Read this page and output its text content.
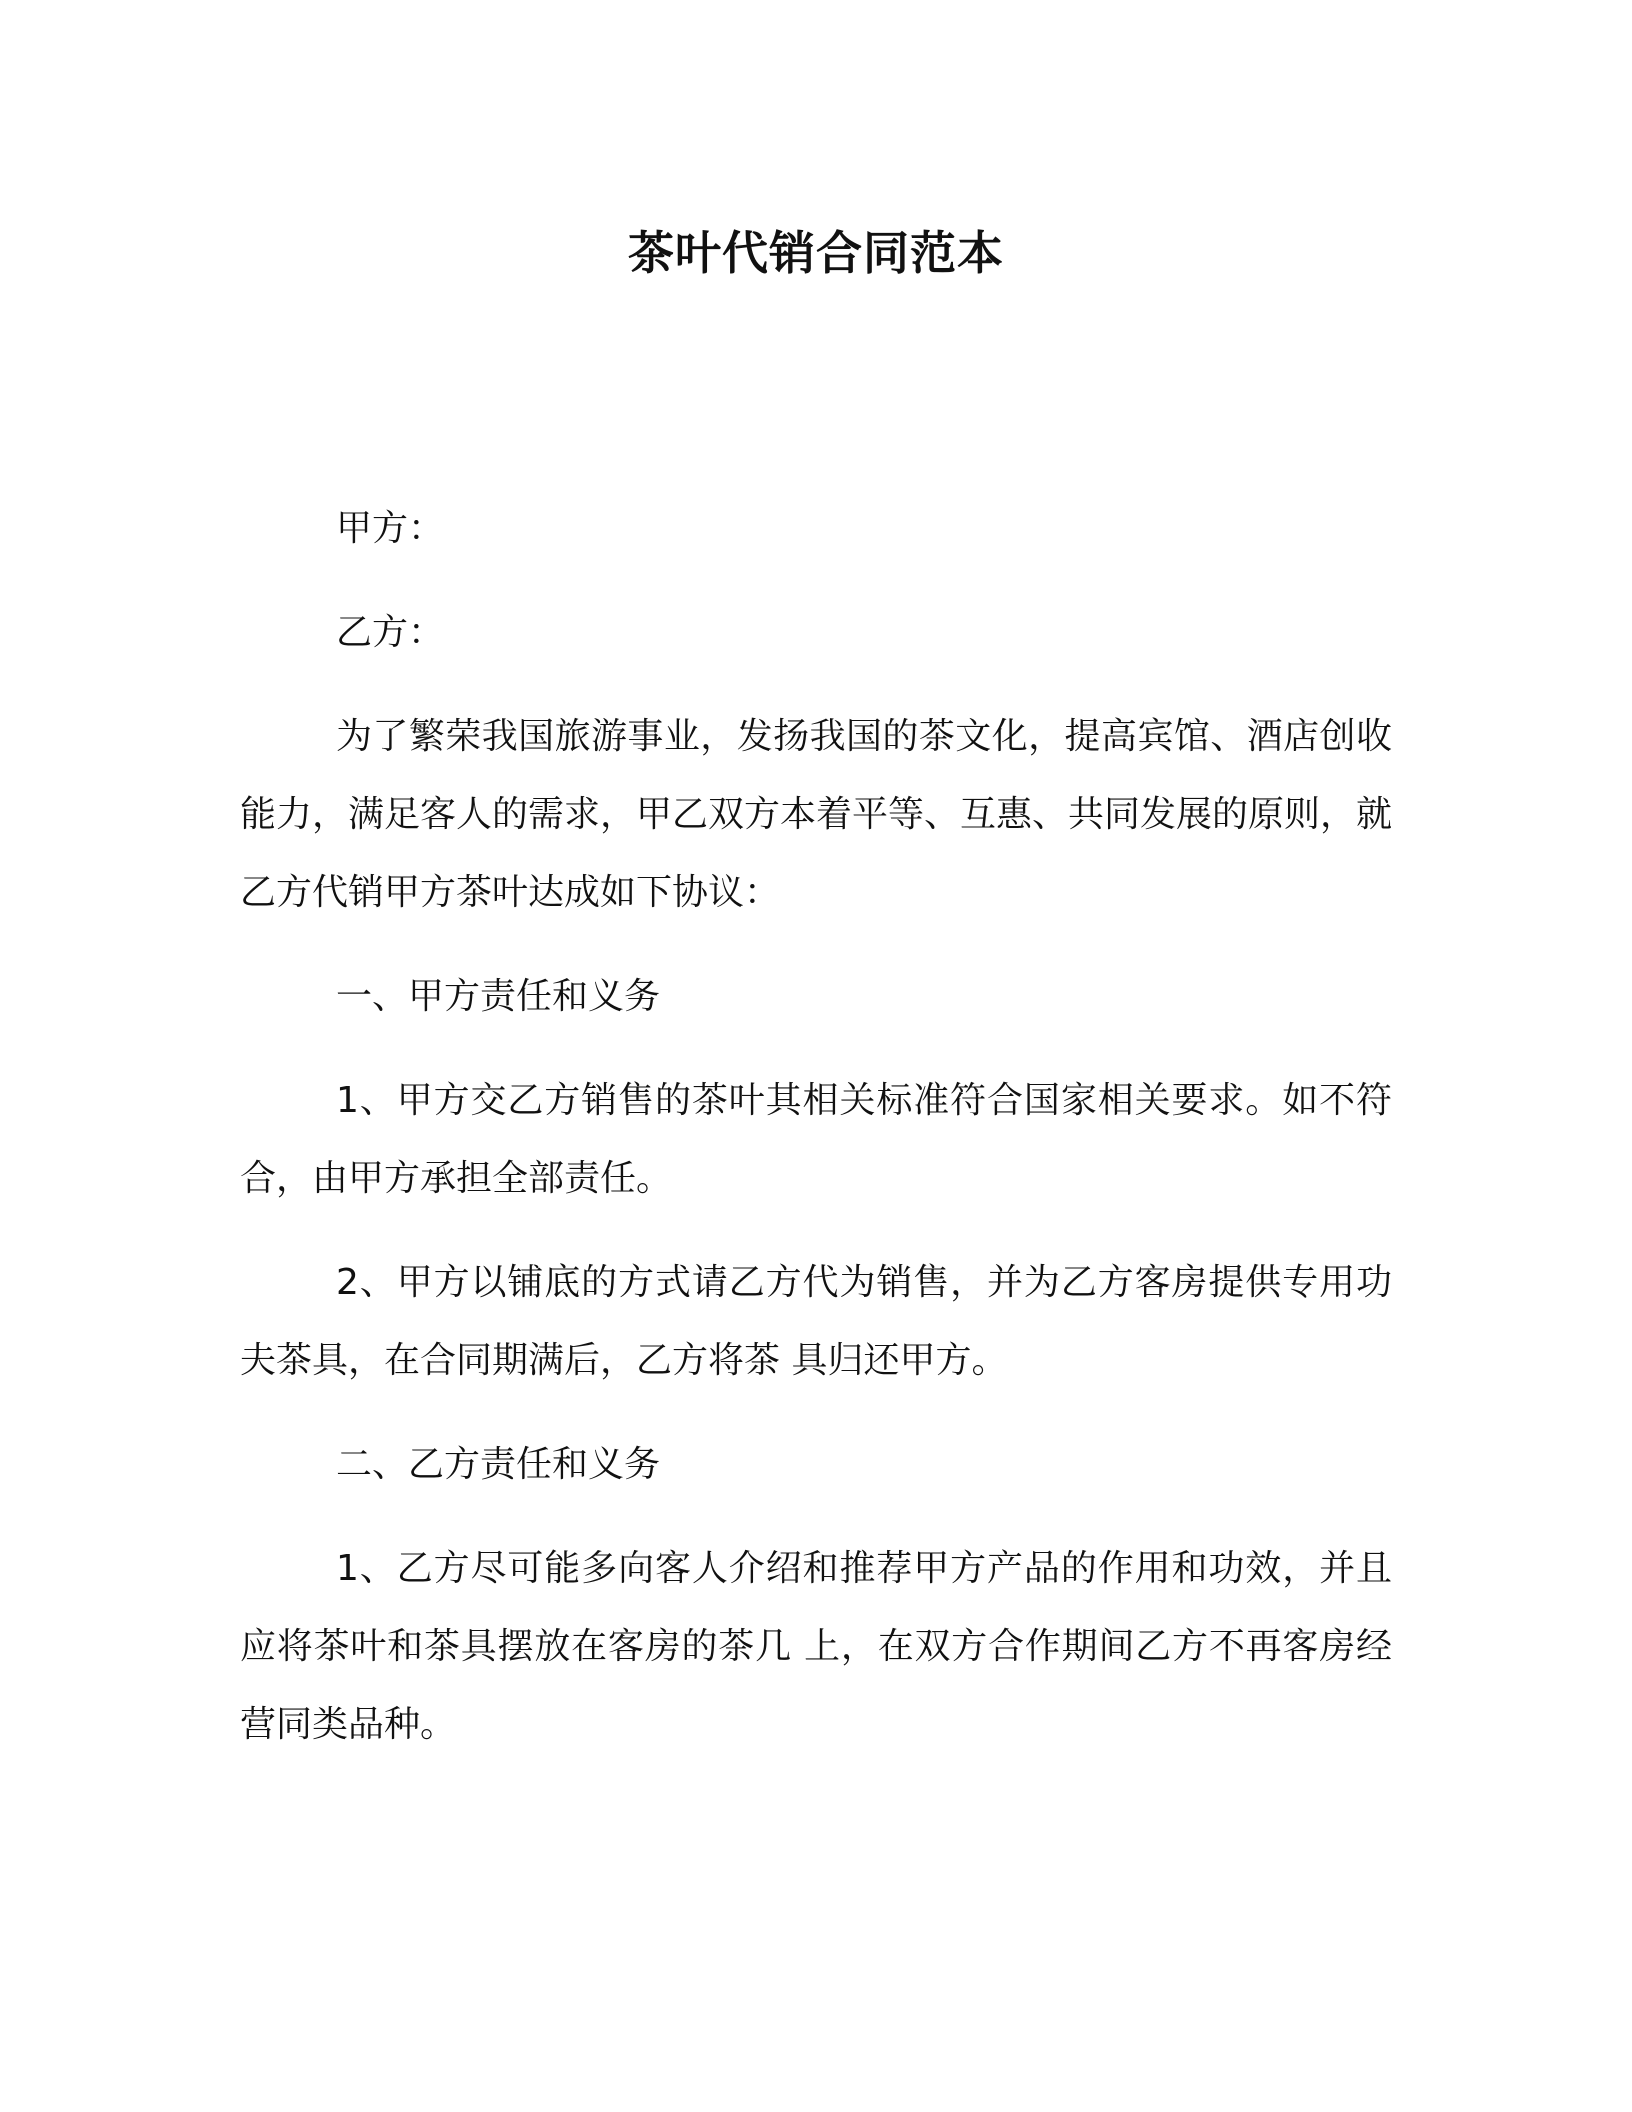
茶叶代销合同范本

甲方：

乙方：

为了繁荣我国旅游事业，发扬我国的茶文化，提高宾馆、酒店创收能力，满足客人的需求，甲乙双方本着平等、互惠、共同发展的原则，就乙方代销甲方茶叶达成如下协议：

一、甲方责任和义务

1、甲方交乙方销售的茶叶其相关标准符合国家相关要求。如不符合，由甲方承担全部责任。

2、甲方以铺底的方式请乙方代为销售，并为乙方客房提供专用功夫茶具，在合同期满后，乙方将茶 具归还甲方。

二、乙方责任和义务

1、乙方尽可能多向客人介绍和推荐甲方产品的作用和功效，并且应将茶叶和茶具摆放在客房的茶几 上，在双方合作期间乙方不再客房经营同类品种。
